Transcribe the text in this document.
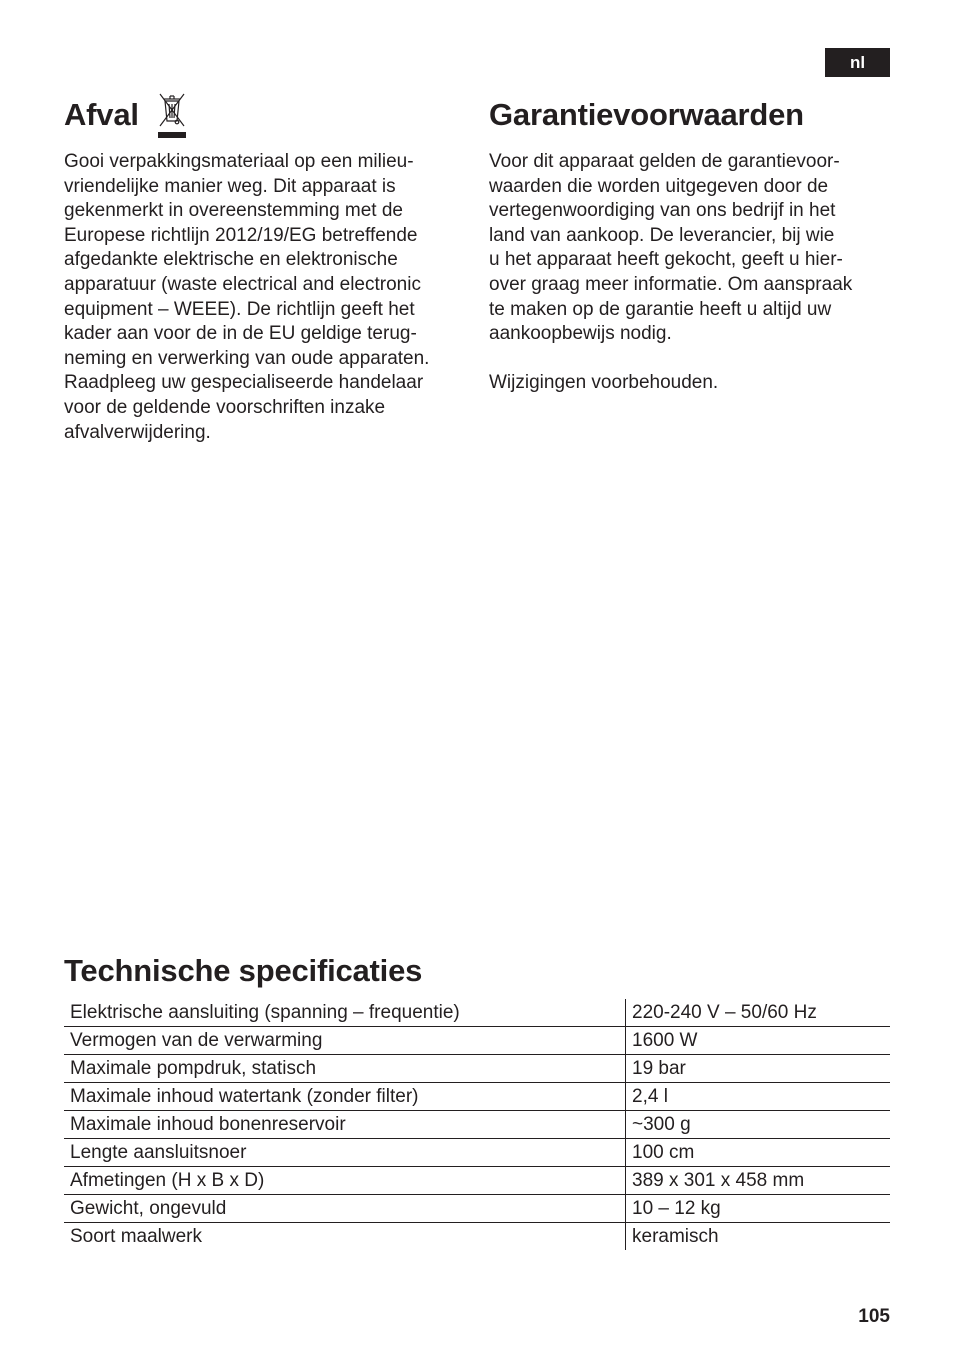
nl
Afval
Gooi verpakkingsmateriaal op een milieu-
vriendelijke manier weg. Dit apparaat is
gekenmerkt in overeenstemming met de
Europese richtlijn 2012/19/EG betreffende
afgedankte elektrische en elektronische
apparatuur (waste electrical and electronic
equipment – WEEE). De richtlijn geeft het
kader aan voor de in de EU geldige terug-
neming en verwerking van oude apparaten.
Raadpleeg uw gespecialiseerde handelaar
voor de geldende voorschriften inzake
afvalverwijdering.
Garantievoorwaarden
Voor dit apparaat gelden de garantievoor-
waarden die worden uitgegeven door de
vertegenwoordiging van ons bedrijf in het
land van aankoop. De leverancier, bij wie
u het apparaat heeft gekocht, geeft u hier-
over graag meer informatie. Om aanspraak
te maken op de garantie heeft u altijd uw
aankoopbewijs nodig.
Wijzigingen voorbehouden.
Technische specificaties
Elektrische aansluiting (spanning – frequentie)	220-240 V – 50/60 Hz
Vermogen van de verwarming	1600 W
Maximale pompdruk, statisch	19 bar
Maximale inhoud watertank (zonder filter)	2,4 l
Maximale inhoud bonenreservoir	~300 g
Lengte aansluitsnoer	100 cm
Afmetingen (H x B x D)	389 x 301 x 458 mm
Gewicht, ongevuld	10 – 12 kg
Soort maalwerk	keramisch
105
